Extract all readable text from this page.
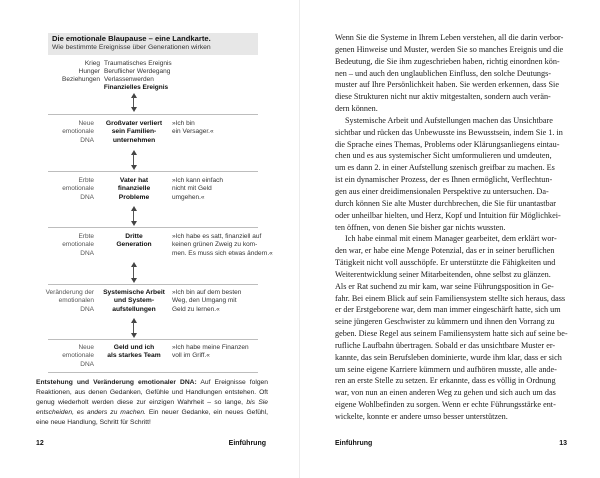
Die emotionale Blaupause – eine Landkarte.
Wie bestimmte Ereignisse über Generationen wirken
Krieg
Hunger
Beziehungen
Traumatisches Ereignis
Beruflicher Werdegang
Verlassenwerden
Finanzielles Ereignis
Neue
emotionale
DNA
Großvater verliert
sein Familien-
unternehmen
»Ich bin
ein Versager.«
Erbte
emotionale
DNA
Vater hat
finanzielle
Probleme
»Ich kann einfach
nicht mit Geld
umgehen.«
Erbte
emotionale
DNA
Dritte
Generation
»Ich habe es satt, finanziell auf
keinen grünen Zweig zu kom-
men. Es muss sich etwas ändern.«
Veränderung der
emotionalen
DNA
Systemische Arbeit
und System-
aufstellungen
»Ich bin auf dem besten
Weg, den Umgang mit
Geld zu lernen.«
Neue
emotionale
DNA
Geld und ich
als starkes Team
»Ich habe meine Finanzen
voll im Griff.«

Entstehung und Veränderung emotionaler DNA: Auf Ereignisse folgen Reaktionen, aus denen Gedanken, Gefühle und Handlungen entstehen. Oft genug wiederholt werden diese zur einzigen Wahrheit – so lange, bis Sie entscheiden, es anders zu machen. Ein neuer Gedanke, ein neues Gefühl, eine neue Handlung, Schritt für Schritt!

12	Einführung
Wenn Sie die Systeme in Ihrem Leben verstehen, all die darin verbor-
genen Hinweise und Muster, werden Sie so manches Ereignis und die
Bedeutung, die Sie ihm zugeschrieben haben, richtig einordnen kön-
nen – und auch den unglaublichen Einfluss, den solche Deutungs-
muster auf Ihre Persönlichkeit haben. Sie werden erkennen, dass Sie
diese Strukturen nicht nur aktiv mitgestalten, sondern auch verän-
dern können.
Systemische Arbeit und Aufstellungen machen das Unsichtbare
sichtbar und rücken das Unbewusste ins Bewusstsein, indem Sie 1. in
die Sprache eines Themas, Problems oder Klärungsanliegens eintau-
chen und es aus systemischer Sicht umformulieren und umdeuten,
um es dann 2. in einer Aufstellung szenisch greifbar zu machen. Es
ist ein dynamischer Prozess, der es Ihnen ermöglicht, Verflechtun-
gen aus einer dreidimensionalen Perspektive zu untersuchen. Da-
durch können Sie alte Muster durchbrechen, die Sie für unantastbar
oder unheilbar hielten, und Herz, Kopf und Intuition für Möglichkei-
ten öffnen, von denen Sie bisher gar nichts wussten.
Ich habe einmal mit einem Manager gearbeitet, dem erklärt wor-
den war, er habe eine Menge Potenzial, das er in seiner beruflichen
Tätigkeit nicht voll ausschöpfe. Er unterstützte die Fähigkeiten und
Weiterentwicklung seiner Mitarbeitenden, ohne selbst zu glänzen.
Als er Rat suchend zu mir kam, war seine Führungsposition in Ge-
fahr. Bei einem Blick auf sein Familiensystem stellte sich heraus, dass
er der Erstgeborene war, dem man immer eingeschärft hatte, sich um
seine jüngeren Geschwister zu kümmern und ihnen den Vorrang zu
geben. Diese Regel aus seinem Familiensystem hatte sich auf seine be-
rufliche Laufbahn übertragen. Sobald er das unsichtbare Muster er-
kannte, das sein Berufsleben dominierte, wurde ihm klar, dass er sich
um seine eigene Karriere kümmern und aufhören musste, alle ande-
ren an erste Stelle zu setzen. Er erkannte, dass es völlig in Ordnung
war, von nun an einen anderen Weg zu gehen und sich auch um das
eigene Wohlbefinden zu sorgen. Wenn er echte Führungsstärke ent-
wickelte, konnte er andere umso besser unterstützen.
Einführung	13
